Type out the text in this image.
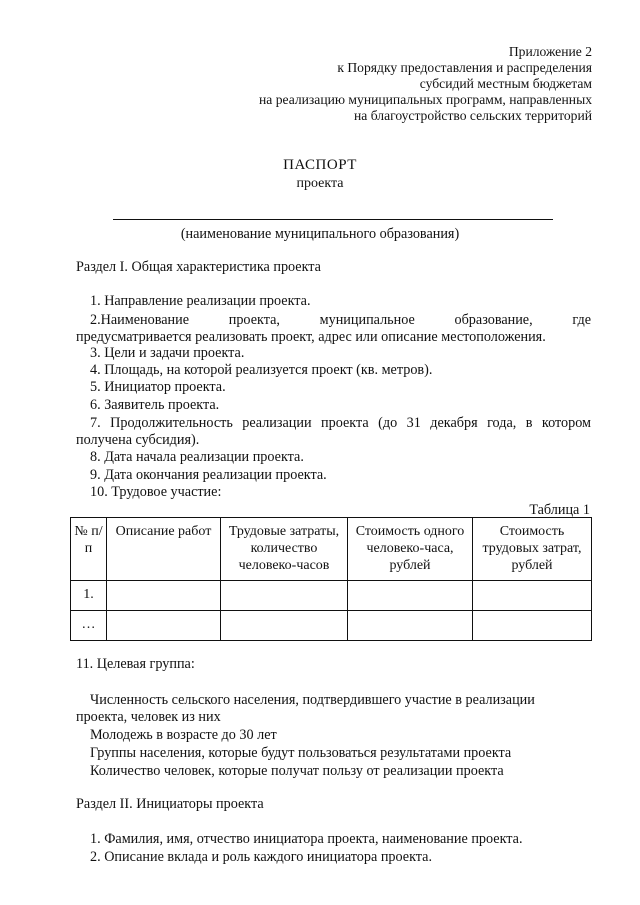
Приложение 2
к Порядку предоставления и распределения
субсидий местным бюджетам
на реализацию муниципальных программ, направленных
на благоустройство сельских территорий
ПАСПОРТ
проекта
(наименование муниципального образования)
Раздел I. Общая характеристика проекта
1. Направление реализации проекта.
2.Наименование проекта, муниципальное образование, где
предусматривается реализовать проект, адрес или описание местоположения.
3. Цели и задачи проекта.
4. Площадь, на которой реализуется проект (кв. метров).
5. Инициатор проекта.
6. Заявитель проекта.
7. Продолжительность реализации проекта (до 31 декабря года, в котором
получена субсидия).
8. Дата начала реализации проекта.
9. Дата окончания реализации проекта.
10. Трудовое участие:
Таблица 1
№ п/п	Описание работ	Трудовые затраты, количество человеко-часов	Стоимость одного человеко-часа, рублей	Стоимость трудовых затрат, рублей
1.				
…				
11. Целевая группа:
Численность сельского населения, подтвердившего участие в реализации
проекта, человек из них
Молодежь в возрасте до 30 лет
Группы населения, которые будут пользоваться результатами проекта
Количество человек, которые получат пользу от реализации проекта
Раздел II. Инициаторы проекта
1. Фамилия, имя, отчество инициатора проекта, наименование проекта.
2. Описание вклада и роль каждого инициатора проекта.
